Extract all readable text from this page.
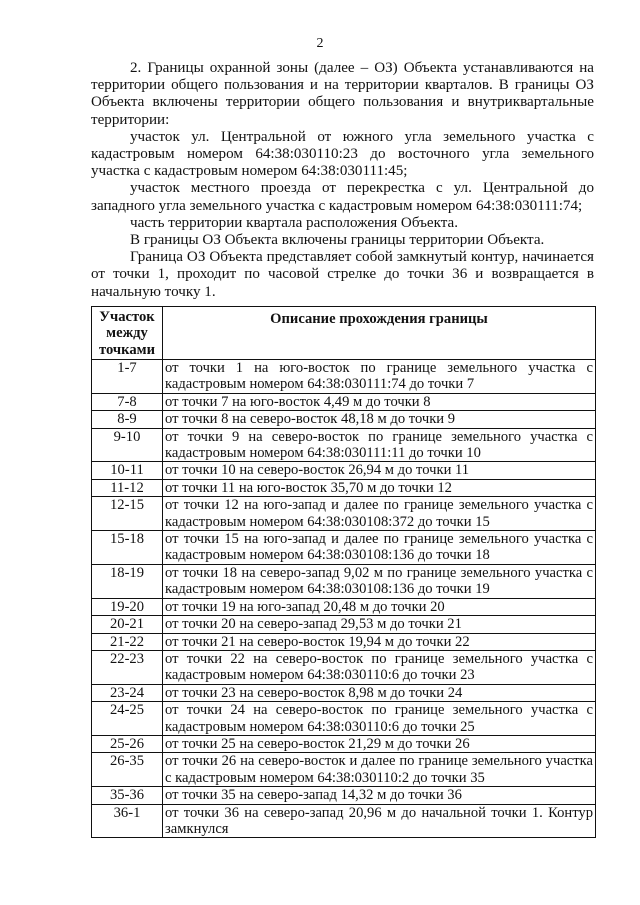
2

2. Границы охранной зоны (далее – ОЗ) Объекта устанавливаются на территории общего пользования и на территории кварталов. В границы ОЗ Объекта включены территории общего пользования и внутриквартальные территории:

участок ул. Центральной от южного угла земельного участка с кадастровым номером 64:38:030110:23 до восточного угла земельного участка с кадастровым номером 64:38:030111:45;

участок местного проезда от перекрестка с ул. Центральной до западного угла земельного участка с кадастровым номером 64:38:030111:74;

часть территории квартала расположения Объекта.

В границы ОЗ Объекта включены границы территории Объекта.

Граница ОЗ Объекта представляет собой замкнутый контур, начинается от точки 1, проходит по часовой стрелке до точки 36 и возвращается в начальную точку 1.

Участок между точками	Описание прохождения границы
1-7	от точки 1 на юго-восток по границе земельного участка с кадастровым номером 64:38:030111:74 до точки 7
7-8	от точки 7 на юго-восток 4,49 м до точки 8
8-9	от точки 8 на северо-восток 48,18 м до точки 9
9-10	от точки 9 на северо-восток по границе земельного участка с кадастровым номером 64:38:030111:11 до точки 10
10-11	от точки 10 на северо-восток 26,94 м до точки 11
11-12	от точки 11 на юго-восток 35,70 м до точки 12
12-15	от точки 12 на юго-запад и далее по границе земельного участка с кадастровым номером 64:38:030108:372 до точки 15
15-18	от точки 15 на юго-запад и далее по границе земельного участка с кадастровым номером 64:38:030108:136 до точки 18
18-19	от точки 18 на северо-запад 9,02 м по границе земельного участка с кадастровым номером 64:38:030108:136 до точки 19
19-20	от точки 19 на юго-запад 20,48 м до точки 20
20-21	от точки 20 на северо-запад 29,53 м до точки 21
21-22	от точки 21 на северо-восток 19,94 м до точки 22
22-23	от точки 22 на северо-восток по границе земельного участка с кадастровым номером 64:38:030110:6 до точки 23
23-24	от точки 23 на северо-восток 8,98 м до точки 24
24-25	от точки 24 на северо-восток по границе земельного участка с кадастровым номером 64:38:030110:6 до точки 25
25-26	от точки 25 на северо-восток 21,29 м до точки 26
26-35	от точки 26 на северо-восток и далее по границе земельного участка с кадастровым номером 64:38:030110:2 до точки 35
35-36	от точки 35 на северо-запад 14,32 м до точки 36
36-1	от точки 36 на северо-запад 20,96 м до начальной точки 1. Контур замкнулся
